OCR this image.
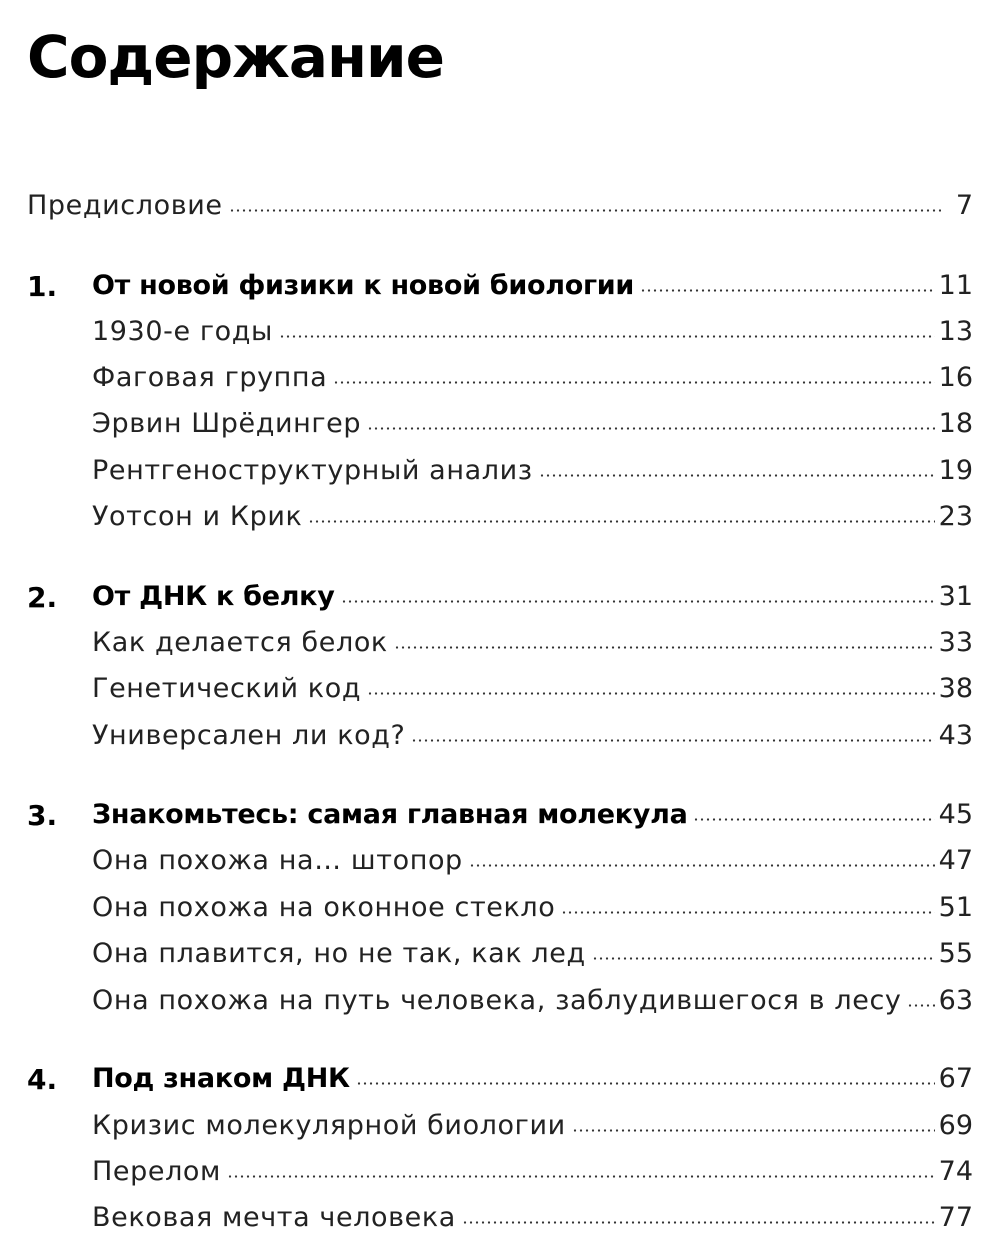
Содержание
Предисловие	7
1.	От новой физики к новой биологии	11
1930-е годы	13
Фаговая группа	16
Эрвин Шрёдингер	18
Рентгеноструктурный анализ	19
Уотсон и Крик	23
2.	От ДНК к белку	31
Как делается белок	33
Генетический код	38
Универсален ли код?	43
3.	Знакомьтесь: самая главная молекула	45
Она похожа на… штопор	47
Она похожа на оконное стекло	51
Она плавится, но не так, как лед	55
Она похожа на путь человека, заблудившегося в лесу 63
4.	Под знаком ДНК	67
Кризис молекулярной биологии	69
Перелом	74
Вековая мечта человека	77
